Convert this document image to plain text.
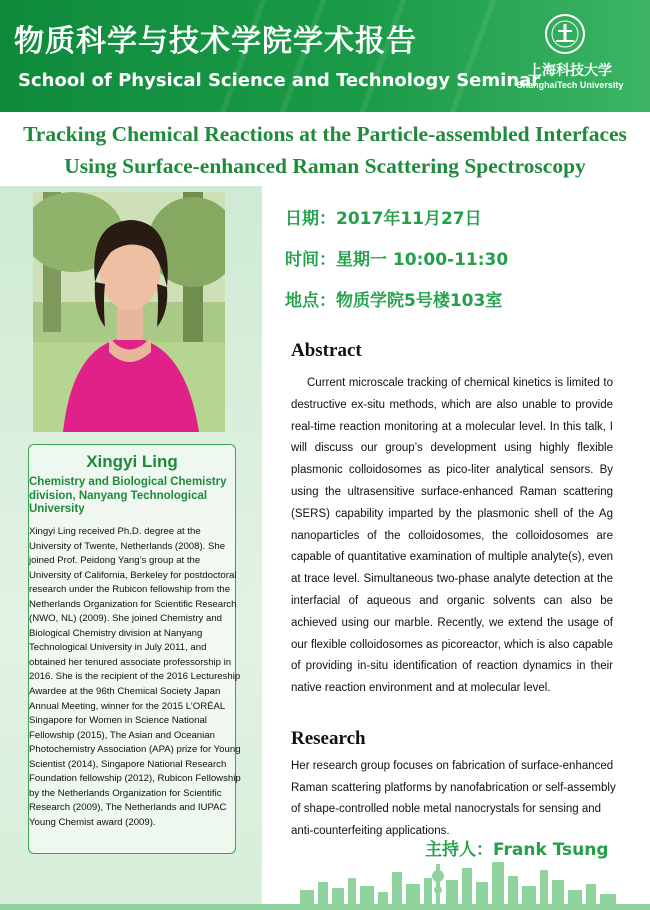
物质科学与技术学院学术报告
School of Physical Science and Technology Seminar
上海科技大学
ShanghaiTech University
Tracking Chemical Reactions at the Particle-assembled Interfaces
Using Surface-enhanced Raman Scattering Spectroscopy
Xingyi Ling
Chemistry and Biological Chemistry division, Nanyang Technological University
Xingyi Ling received Ph.D. degree at the University of Twente, Netherlands (2008). She joined Prof. Peidong Yang’s group at the University of California, Berkeley for postdoctoral research under the Rubicon fellowship from the Netherlands Organization for Scientific Research (NWO, NL) (2009). She joined Chemistry and Biological Chemistry division at Nanyang Technological University in July 2011, and obtained her tenured associate professorship in 2016. She is the recipient of the 2016 Lectureship Awardee at the 96th Chemical Society Japan Annual Meeting, winner for the 2015 L’ORÉAL Singapore for Women in Science National Fellowship (2015), The Asian and Oceanian Photochemistry Association (APA) prize for Young Scientist (2014), Singapore National Research Foundation fellowship (2012), Rubicon Fellowship by the Netherlands Organization for Scientific Research (2009), The Netherlands and IUPAC Young Chemist award (2009).
日期：2017年11月27日
时间：星期一 10:00-11:30
地点：物质学院5号楼103室
Abstract
Current microscale tracking of chemical kinetics is limited to destructive ex-situ methods, which are also unable to provide real-time reaction monitoring at a molecular level. In this talk, I will discuss our group’s development using highly flexible plasmonic colloidosomes as pico-liter analytical sensors. By using the ultrasensitive surface-enhanced Raman scattering (SERS) capability imparted by the plasmonic shell of the Ag nanoparticles of the colloidosomes, the colloidosomes are capable of quantitative examination of multiple analyte(s), even at trace level. Simultaneous two-phase analyte detection at the interfacial of aqueous and organic solvents can also be achieved using our marble. Recently, we extend the usage of our flexible colloidosomes as picoreactor, which is also capable of providing in-situ identification of reaction dynamics in their native reaction environment and at molecular level.
Research
Her research group focuses on fabrication of surface-enhanced Raman scattering platforms by nanofabrication or self-assembly of shape-controlled noble metal nanocrystals for sensing and anti-counterfeiting applications.
主持人：Frank Tsung
